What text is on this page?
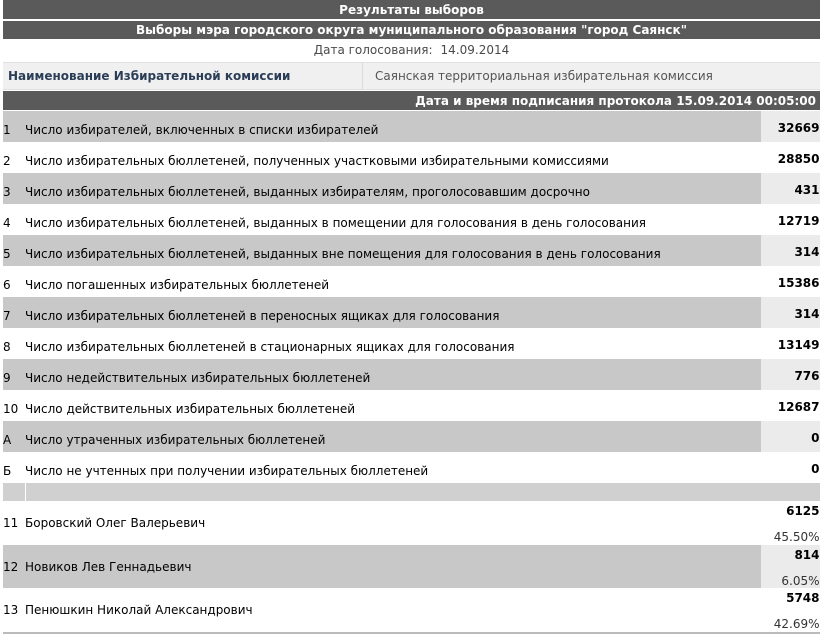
Результаты выборов
Выборы мэра городского округа муниципального образования "город Саянск"
Дата голосования: 14.09.2014
Наименование Избирательной комиссии	Саянская территориальная избирательная комиссия
Дата и время подписания протокола 15.09.2014 00:05:00
1	Число избирателей, включенных в списки избирателей	32669
2	Число избирательных бюллетеней, полученных участковыми избирательными комиссиями	28850
3	Число избирательных бюллетеней, выданных избирателям, проголосовавшим досрочно	431
4	Число избирательных бюллетеней, выданных в помещении для голосования в день голосования	12719
5	Число избирательных бюллетеней, выданных вне помещения для голосования в день голосования	314
6	Число погашенных избирательных бюллетеней	15386
7	Число избирательных бюллетеней в переносных ящиках для голосования	314
8	Число избирательных бюллетеней в стационарных ящиках для голосования	13149
9	Число недействительных избирательных бюллетеней	776
10	Число действительных избирательных бюллетеней	12687
А	Число утраченных избирательных бюллетеней	0
Б	Число не учтенных при получении избирательных бюллетеней	0

11	Боровский Олег Валерьевич	6125
45.50%

12	Новиков Лев Геннадьевич	814
6.05%

13	Пенюшкин Николай Александрович	5748
42.69%
